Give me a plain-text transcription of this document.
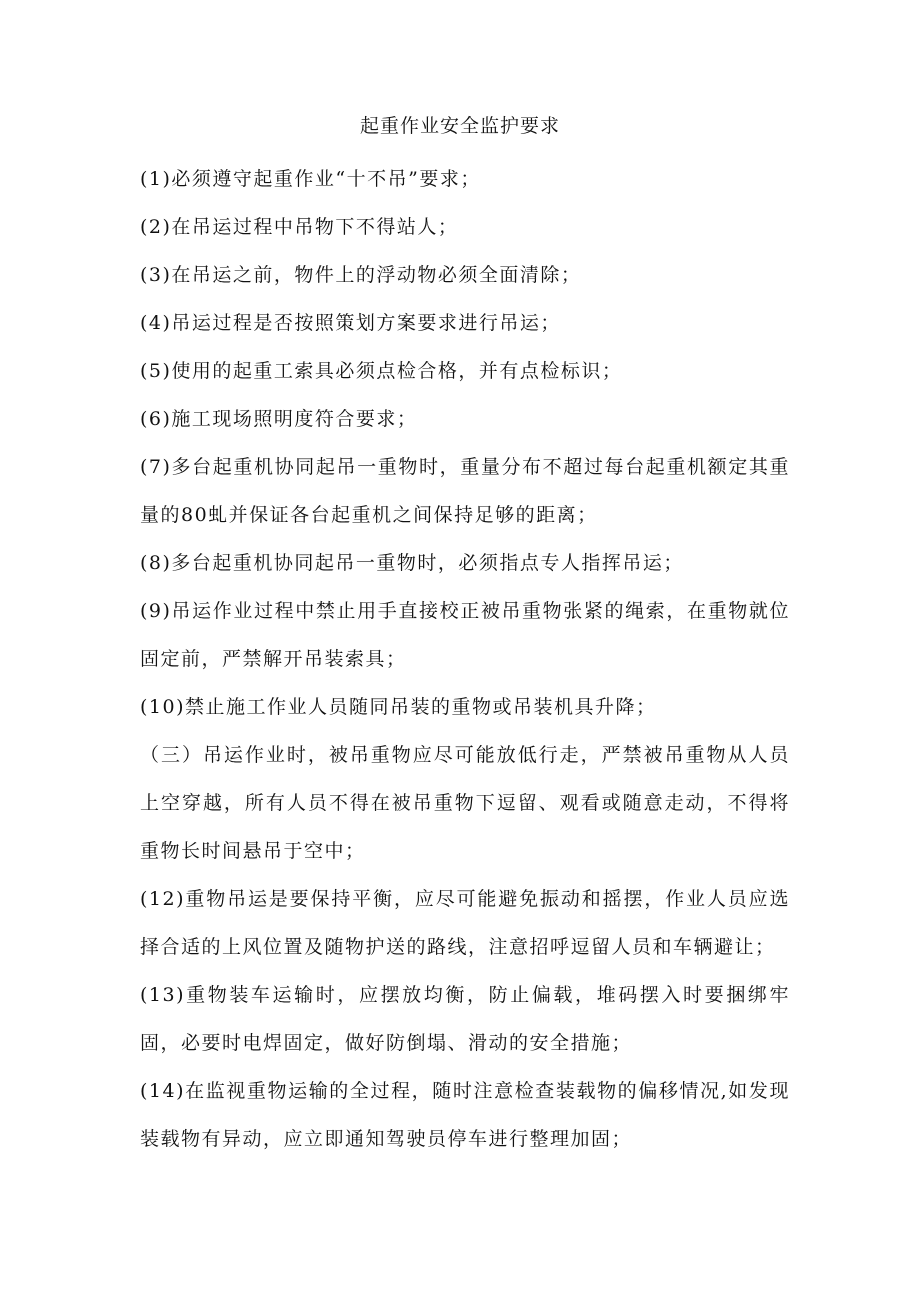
起重作业安全监护要求
(1)必须遵守起重作业“十不吊”要求；
(2)在吊运过程中吊物下不得站人；
(3)在吊运之前，物件上的浮动物必须全面清除；
(4)吊运过程是否按照策划方案要求进行吊运；
(5)使用的起重工索具必须点检合格，并有点检标识；
(6)施工现场照明度符合要求；
(7)多台起重机协同起吊一重物时，重量分布不超过每台起重机额定其重量的80虬并保证各台起重机之间保持足够的距离；
(8)多台起重机协同起吊一重物时，必须指点专人指挥吊运；
(9)吊运作业过程中禁止用手直接校正被吊重物张紧的绳索，在重物就位固定前，严禁解开吊装索具；
(10)禁止施工作业人员随同吊装的重物或吊装机具升降；
（三）吊运作业时，被吊重物应尽可能放低行走，严禁被吊重物从人员上空穿越，所有人员不得在被吊重物下逗留、观看或随意走动，不得将重物长时间悬吊于空中；
(12)重物吊运是要保持平衡，应尽可能避免振动和摇摆，作业人员应选择合适的上风位置及随物护送的路线，注意招呼逗留人员和车辆避让；
(13)重物装车运输时，应摆放均衡，防止偏载，堆码摆入时要捆绑牢固，必要时电焊固定，做好防倒塌、滑动的安全措施；
(14)在监视重物运输的全过程，随时注意检查装载物的偏移情况,如发现装载物有异动，应立即通知驾驶员停车进行整理加固；
